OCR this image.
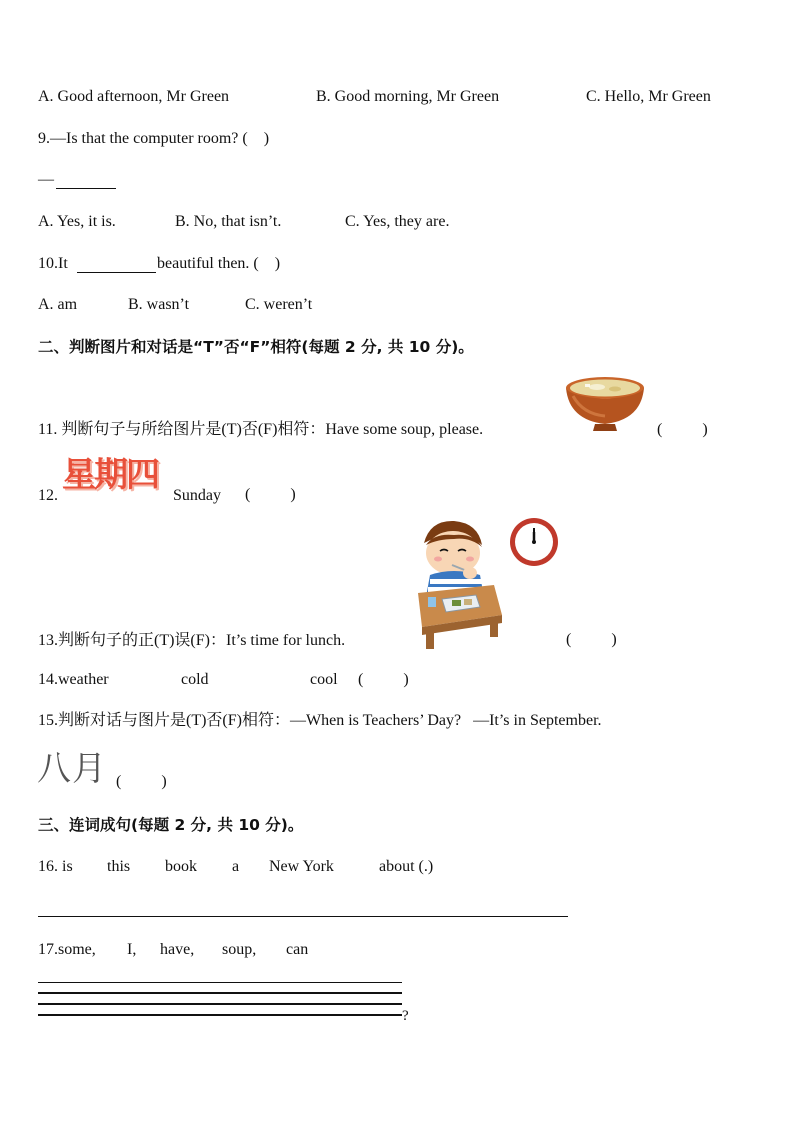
A. Good afternoon, Mr Green	B. Good morning, Mr Green	C. Hello, Mr Green
9.—Is that the computer room? (    )
—
A. Yes, it is.	B. No, that isn’t.	C. Yes, they are.
10.It	beautiful then. (    )
A. am	B. wasn’t	C. weren’t
二、判断图片和对话是“T”否“F”相符(每题 2 分, 共 10 分)。
11. 判断句子与所给图片是(T)否(F)相符：Have some soup, please.	(          )
12.
星期四
Sunday (          )
13.判断句子的正(T)误(F)：It’s time for lunch.	(          )
14.weather	cold	cool (          )
15.判断对话与图片是(T)否(F)相符：—When is Teachers’ Day?   —It’s in September.
八月 (          )
三、连词成句(每题 2 分, 共 10 分)。
16. is this book a New York	about (.)
17.some, I, have, soup, can
?
